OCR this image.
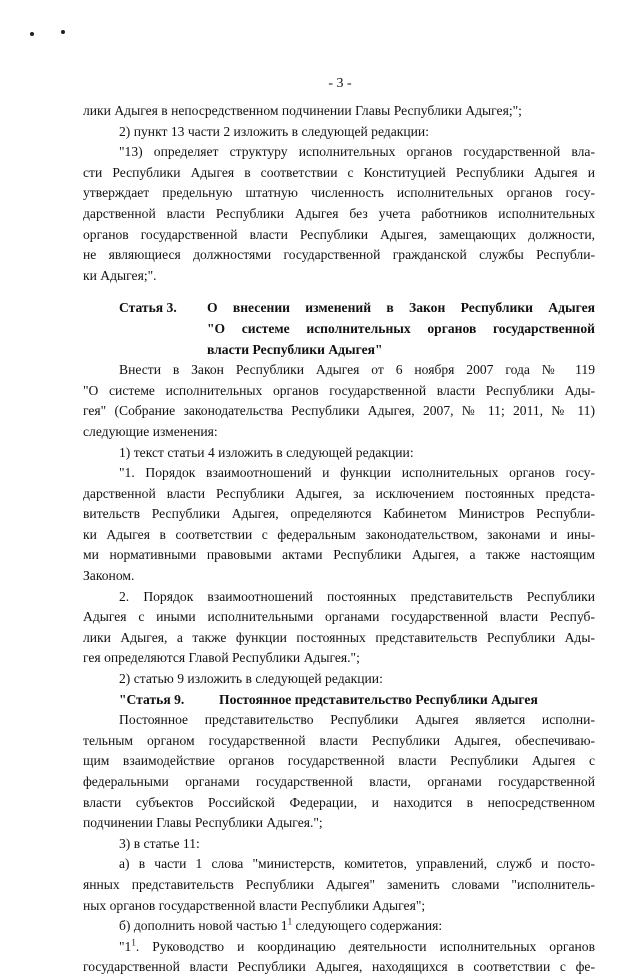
- 3 -
лики Адыгея в непосредственном подчинении Главы Республики Адыгея;";
2) пункт 13 части 2 изложить в следующей редакции:
"13) определяет структуру исполнительных органов государственной вла-
сти Республики Адыгея в соответствии с Конституцией Республики Адыгея и
утверждает предельную штатную численность исполнительных органов госу-
дарственной власти Республики Адыгея без учета работников исполнительных
органов государственной власти Республики Адыгея, замещающих должности,
не являющиеся должностями государственной гражданской службы Республи-
ки Адыгея;".
Статья 3.	О внесении изменений в Закон Республики Адыгея
"О системе исполнительных органов государственной
власти Республики Адыгея"
Внести в Закон Республики Адыгея от 6 ноября 2007 года № 119
"О системе исполнительных органов государственной власти Республики Ады-
гея" (Собрание законодательства Республики Адыгея, 2007, № 11; 2011, № 11)
следующие изменения:
1) текст статьи 4 изложить в следующей редакции:
"1. Порядок взаимоотношений и функции исполнительных органов госу-
дарственной власти Республики Адыгея, за исключением постоянных предста-
вительств Республики Адыгея, определяются Кабинетом Министров Республи-
ки Адыгея в соответствии с федеральным законодательством, законами и ины-
ми нормативными правовыми актами Республики Адыгея, а также настоящим
Законом.
2. Порядок взаимоотношений постоянных представительств Республики
Адыгея с иными исполнительными органами государственной власти Респуб-
лики Адыгея, а также функции постоянных представительств Республики Ады-
гея определяются Главой Республики Адыгея.";
2) статью 9 изложить в следующей редакции:
"Статья 9.	Постоянное представительство Республики Адыгея
Постоянное представительство Республики Адыгея является исполни-
тельным органом государственной власти Республики Адыгея, обеспечиваю-
щим взаимодействие органов государственной власти Республики Адыгея с
федеральными органами государственной власти, органами государственной
власти субъектов Российской Федерации, и находится в непосредственном
подчинении Главы Республики Адыгея.";
3) в статье 11:
а) в части 1 слова "министерств, комитетов, управлений, служб и посто-
янных представительств Республики Адыгея" заменить словами "исполнитель-
ных органов государственной власти Республики Адыгея";
б) дополнить новой частью $1^1$ следующего содержания:
"$1^1$. Руководство и координацию деятельности исполнительных органов
государственной власти Республики Адыгея, находящихся в соответствии с фе-
